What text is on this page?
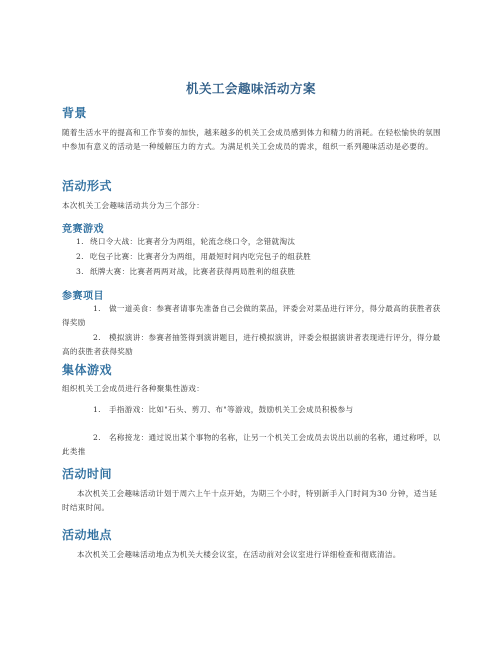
机关工会趣味活动方案
背景
随着生活水平的提高和工作节奏的加快，越来越多的机关工会成员感到体力和精力的消耗。在轻松愉快的氛围中参加有意义的活动是一种缓解压力的方式。为满足机关工会成员的需求，组织一系列趣味活动是必要的。
活动形式
本次机关工会趣味活动共分为三个部分：
竞赛游戏
1. 绕口令大战：比赛者分为两组，轮流念绕口令，念错就淘汰
2. 吃包子比赛：比赛者分为两组，用最短时间内吃完包子的组获胜
3. 纸牌大赛：比赛者两两对战，比赛者获得两局胜利的组获胜
参赛项目
1.	做一道美食：参赛者请事先准备自己会做的菜品，评委会对菜品进行评分，得分最高的获胜者获得奖励
2.	模拟演讲：参赛者抽签得到演讲题目，进行模拟演讲，评委会根据演讲者表现进行评分，得分最高的获胜者获得奖励
集体游戏
组织机关工会成员进行各种聚集性游戏：
1.	手指游戏：比如"石头、剪刀、布"等游戏，鼓励机关工会成员积极参与
2.	名称接龙：通过说出某个事物的名称，让另一个机关工会成员去说出以前的名称，通过称呼，以此类推
活动时间
本次机关工会趣味活动计划于周六上午十点开始，为期三个小时，特别新手入门时间为30 分钟，适当延时结束时间。
活动地点
本次机关工会趣味活动地点为机关大楼会议室，在活动前对会议室进行详细检查和彻底清洁。
